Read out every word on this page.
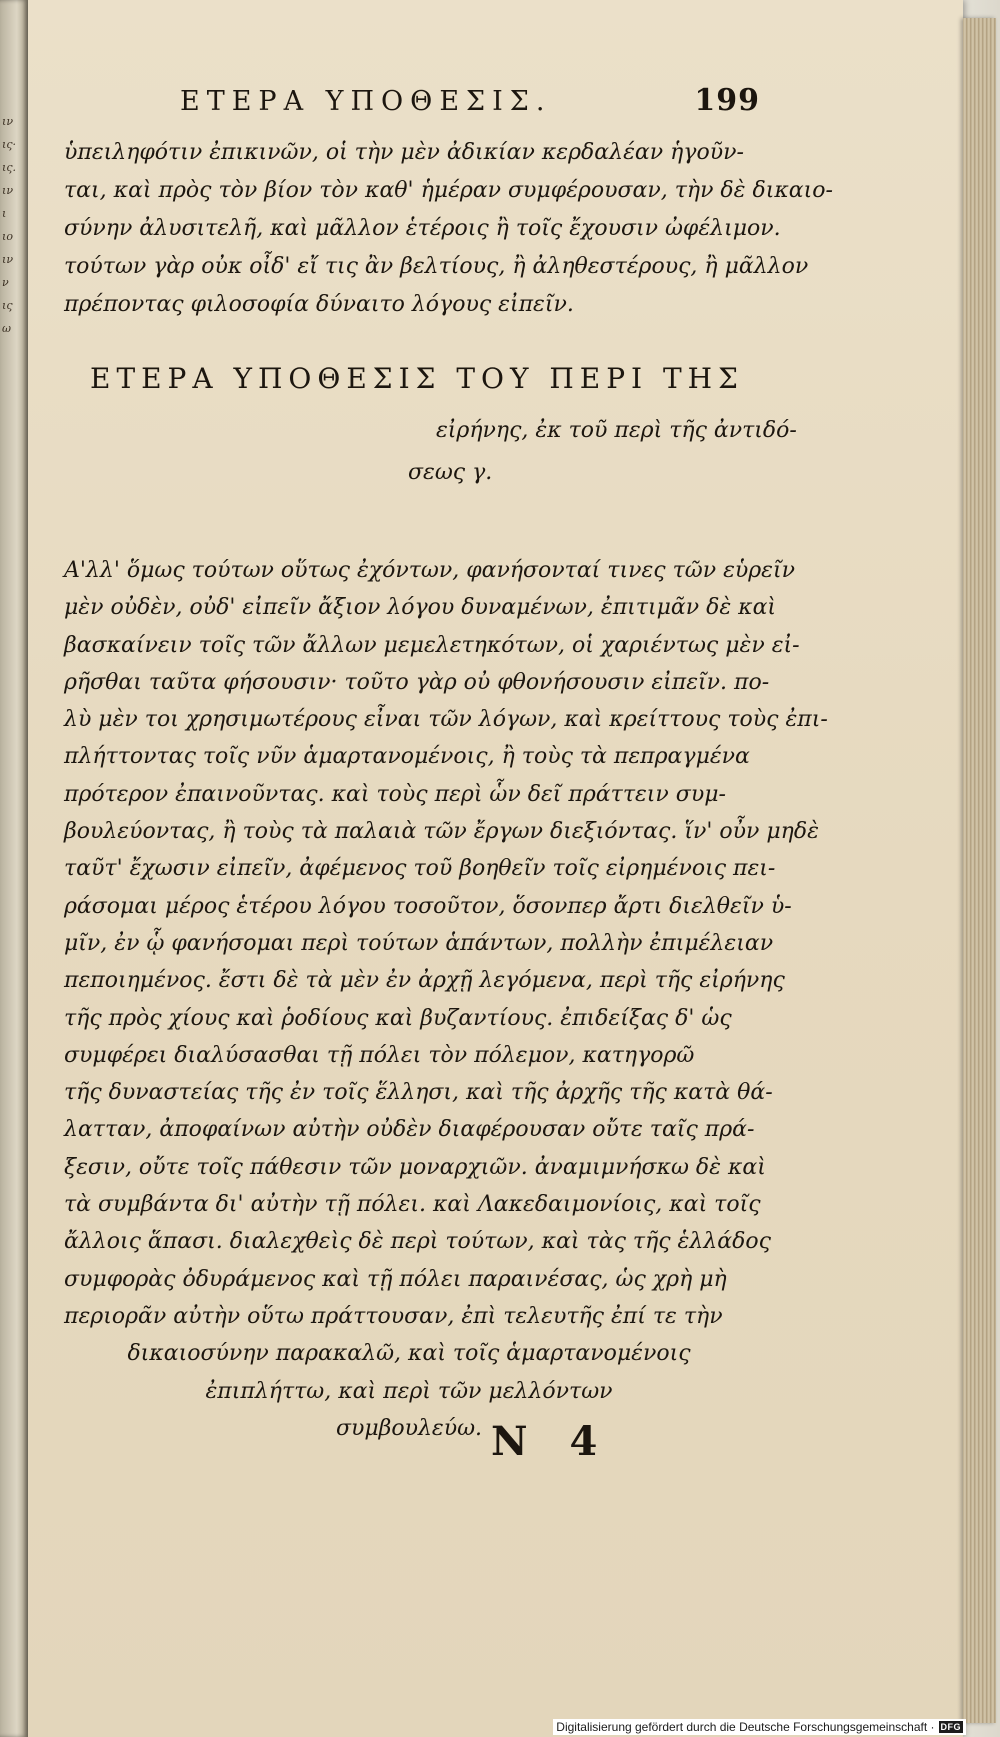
ιν
ις·
ις.
ιν
ι
ιο
ιν
ν
ις
ω
ΕΤΕΡΑ ΥΠΟΘΕΣΙΣ.	199
ὑπειληφότιν ἐπικινῶν, οἱ τὴν μὲν ἀδικίαν κερδαλέαν ἡγοῦν-
ται, καὶ πρὸς τὸν βίον τὸν καθ' ἡμέραν συμφέρουσαν, τὴν δὲ δικαιο-
σύνην ἀλυσιτελῆ, καὶ μᾶλλον ἑτέροις ἢ τοῖς ἔχουσιν ὠφέλιμον.
τούτων γὰρ οὐκ οἶδ' εἴ τις ἂν βελτίους, ἢ ἀληθεστέρους, ἢ μᾶλλον
πρέποντας φιλοσοφία δύναιτο λόγους εἰπεῖν.
ΕΤΕΡΑ ΥΠΟΘΕΣΙΣ ΤΟΥ ΠΕΡΙ ΤΗΣ
εἰρήνης, ἐκ τοῦ περὶ τῆς ἀντιδό-
σεως γ.
Α'λλ' ὅμως τούτων οὕτως ἐχόντων, φανήσονταί τινες τῶν εὑρεῖν
μὲν οὐδὲν, οὐδ' εἰπεῖν ἄξιον λόγου δυναμένων, ἐπιτιμᾶν δὲ καὶ
βασκαίνειν τοῖς τῶν ἄλλων μεμελετηκότων, οἱ χαριέντως μὲν εἰ-
ρῆσθαι ταῦτα φήσουσιν· τοῦτο γὰρ οὐ φθονήσουσιν εἰπεῖν. πο-
λὺ μὲν τοι χρησιμωτέρους εἶναι τῶν λόγων, καὶ κρείττους τοὺς ἐπι-
πλήττοντας τοῖς νῦν ἁμαρτανομένοις, ἢ τοὺς τὰ πεπραγμένα
πρότερον ἐπαινοῦντας. καὶ τοὺς περὶ ὧν δεῖ πράττειν συμ-
βουλεύοντας, ἢ τοὺς τὰ παλαιὰ τῶν ἔργων διεξιόντας. ἵν' οὖν μηδὲ
ταῦτ' ἔχωσιν εἰπεῖν, ἀφέμενος τοῦ βοηθεῖν τοῖς εἰρημένοις πει-
ράσομαι μέρος ἑτέρου λόγου τοσοῦτον, ὅσονπερ ἄρτι διελθεῖν ὑ-
μῖν, ἐν ᾧ φανήσομαι περὶ τούτων ἁπάντων, πολλὴν ἐπιμέλειαν
πεποιημένος. ἔστι δὲ τὰ μὲν ἐν ἀρχῇ λεγόμενα, περὶ τῆς εἰρήνης
τῆς πρὸς χίους καὶ ῥοδίους καὶ βυζαντίους. ἐπιδείξας δ' ὡς
συμφέρει διαλύσασθαι τῇ πόλει τὸν πόλεμον, κατηγορῶ
τῆς δυναστείας τῆς ἐν τοῖς ἕλλησι, καὶ τῆς ἀρχῆς τῆς κατὰ θά-
λατταν, ἀποφαίνων αὐτὴν οὐδὲν διαφέρουσαν οὔτε ταῖς πρά-
ξεσιν, οὔτε τοῖς πάθεσιν τῶν μοναρχιῶν. ἀναμιμνήσκω δὲ καὶ
τὰ συμβάντα δι' αὐτὴν τῇ πόλει. καὶ Λακεδαιμονίοις, καὶ τοῖς
ἄλλοις ἅπασι. διαλεχθεὶς δὲ περὶ τούτων, καὶ τὰς τῆς ἑλλάδος
συμφορὰς ὀδυράμενος καὶ τῇ πόλει παραινέσας, ὡς χρὴ μὴ
περιορᾶν αὐτὴν οὕτω πράττουσαν, ἐπὶ τελευτῆς ἐπί τε τὴν
δικαιοσύνην παρακαλῶ, καὶ τοῖς ἁμαρτανομένοις
ἐπιπλήττω, καὶ περὶ τῶν μελλόντων
συμβουλεύω. N 4
Digitalisierung gefördert durch die Deutsche Forschungsgemeinschaft · DFG
